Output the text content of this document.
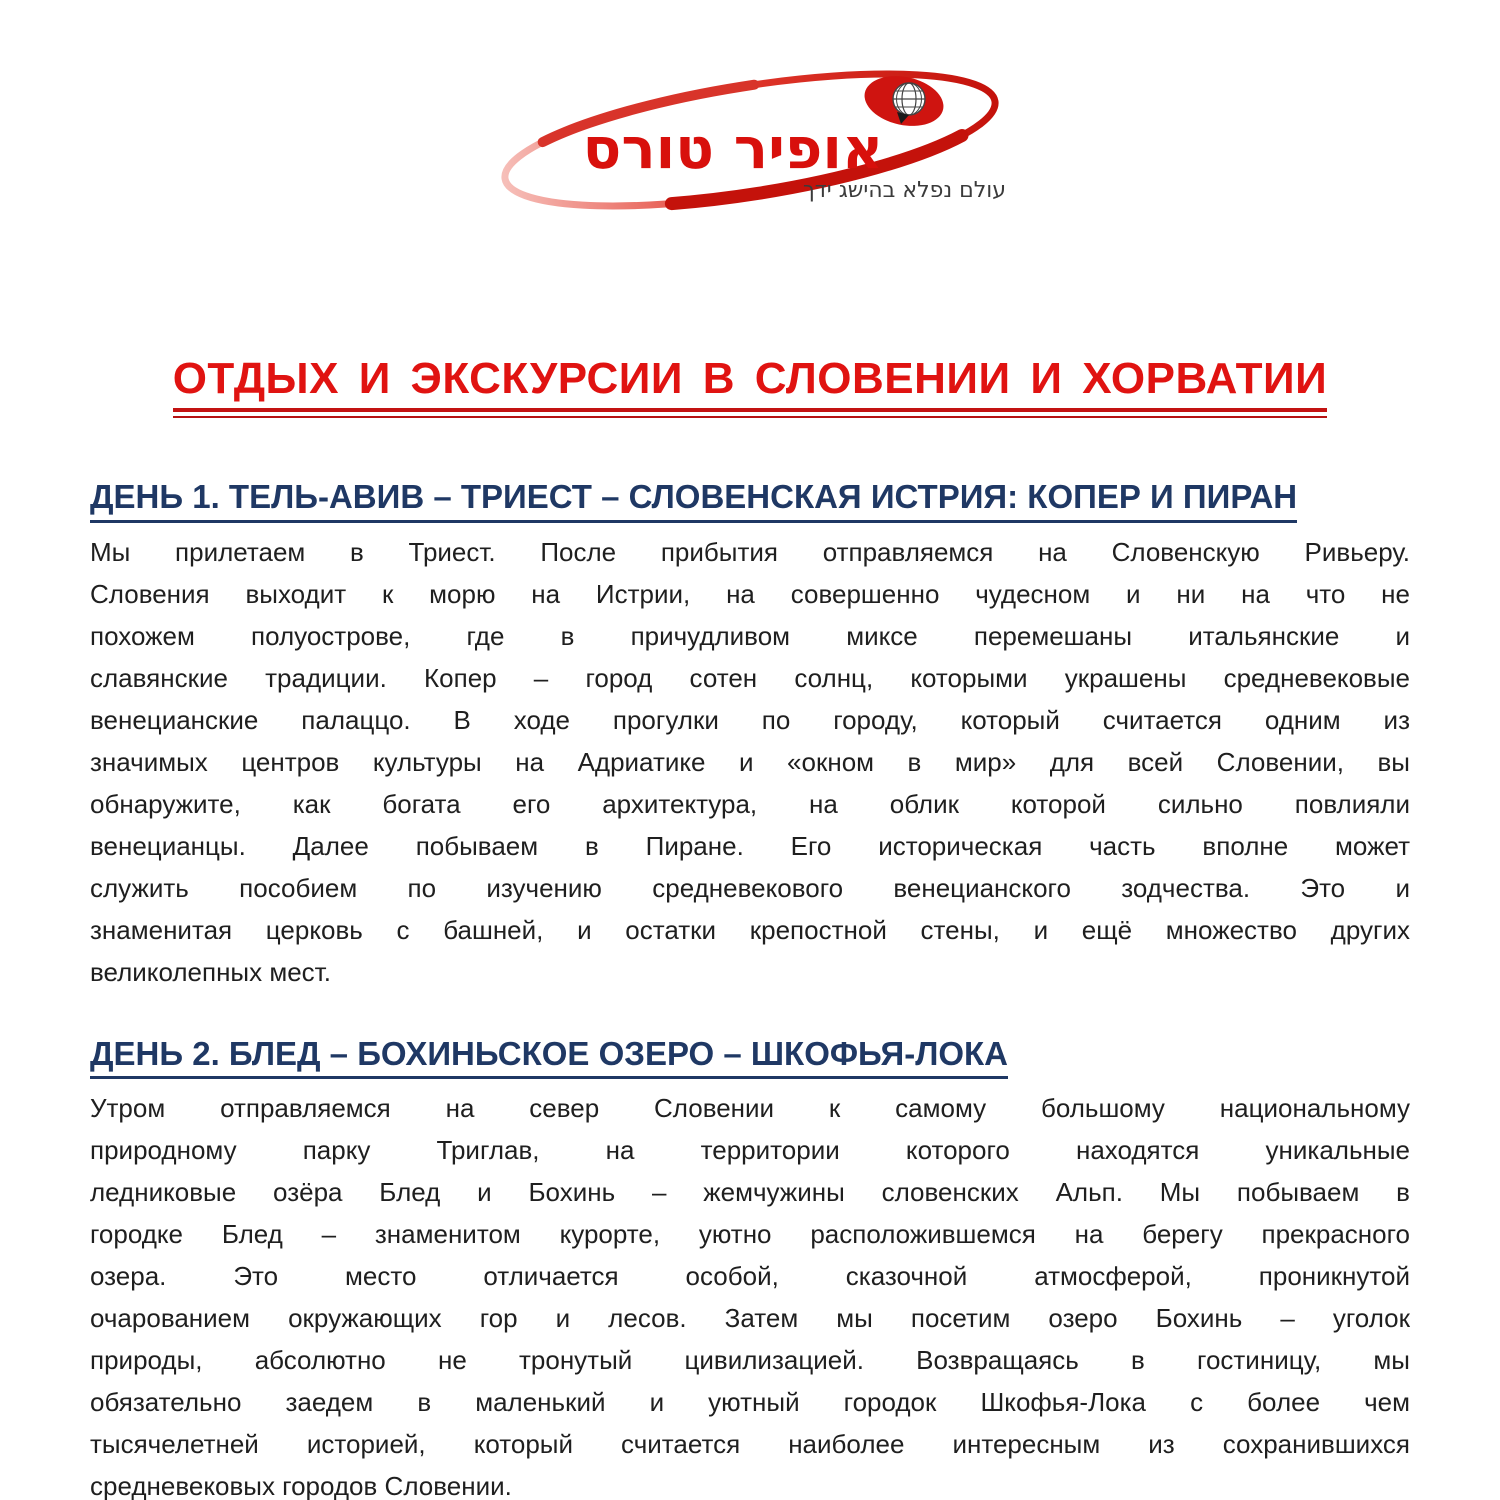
אופיר טורס
עולם נפלא בהישג ידך
ОТДЫХ И ЭКСКУРСИИ В СЛОВЕНИИ И ХОРВАТИИ
ДЕНЬ 1. ТЕЛЬ-АВИВ – ТРИЕСТ – СЛОВЕНСКАЯ ИСТРИЯ: КОПЕР И ПИРАН
Мы прилетаем в Триест. После прибытия отправляемся на Словенскую Ривьеру.
Словения выходит к морю на Истрии, на совершенно чудесном и ни на что не
похожем полуострове, где в причудливом миксе перемешаны итальянские и
славянские традиции. Копер – город сотен солнц, которыми украшены средневековые
венецианские палаццо. В ходе прогулки по городу, который считается одним из
значимых центров культуры на Адриатике и «окном в мир» для всей Словении, вы
обнаружите, как богата его архитектура, на облик которой сильно повлияли
венецианцы. Далее побываем в Пиране. Его историческая часть вполне может
служить пособием по изучению средневекового венецианского зодчества. Это и
знаменитая церковь с башней, и остатки крепостной стены, и ещё множество других
великолепных мест.
ДЕНЬ 2. БЛЕД – БОХИНЬСКОЕ ОЗЕРО – ШКОФЬЯ-ЛОКА
Утром отправляемся на север Словении к самому большому национальному
природному парку Триглав, на территории которого находятся уникальные
ледниковые озёра Блед и Бохинь – жемчужины словенских Альп. Мы побываем в
городке Блед – знаменитом курорте, уютно расположившемся на берегу прекрасного
озера. Это место отличается особой, сказочной атмосферой, проникнутой
очарованием окружающих гор и лесов. Затем мы посетим озеро Бохинь – уголок
природы, абсолютно не тронутый цивилизацией. Возвращаясь в гостиницу, мы
обязательно заедем в маленький и уютный городок Шкофья-Лока с более чем
тысячелетней историей, который считается наиболее интересным из сохранившихся
средневековых городов Словении.
